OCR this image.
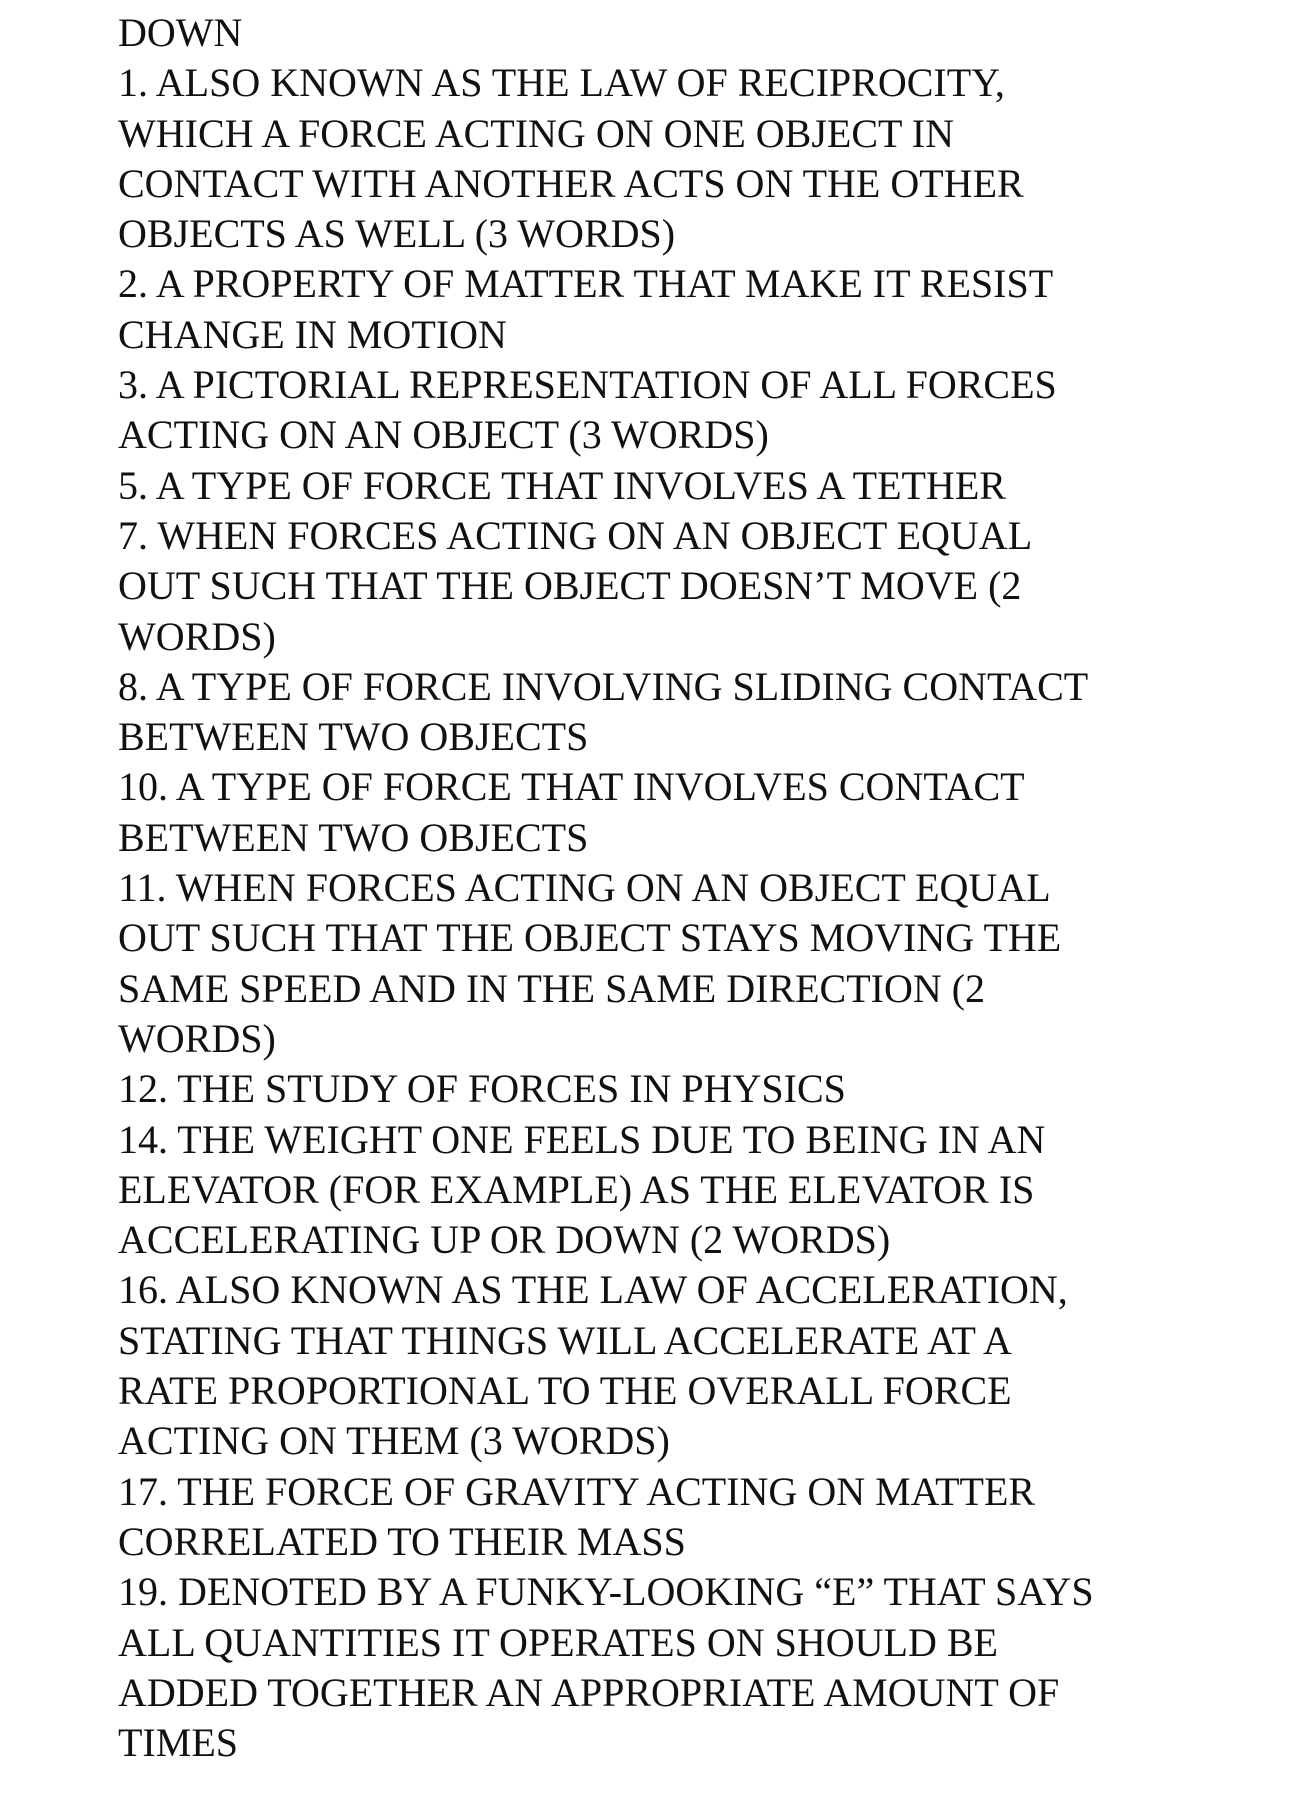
DOWN

1. ALSO KNOWN AS THE LAW OF RECIPROCITY,
WHICH A FORCE ACTING ON ONE OBJECT IN
CONTACT WITH ANOTHER ACTS ON THE OTHER
OBJECTS AS WELL (3 WORDS)

2. A PROPERTY OF MATTER THAT MAKE IT RESIST
CHANGE IN MOTION

3. A PICTORIAL REPRESENTATION OF ALL FORCES
ACTING ON AN OBJECT (3 WORDS)

5. A TYPE OF FORCE THAT INVOLVES A TETHER

7. WHEN FORCES ACTING ON AN OBJECT EQUAL
OUT SUCH THAT THE OBJECT DOESN’T MOVE (2
WORDS)

8. A TYPE OF FORCE INVOLVING SLIDING CONTACT
BETWEEN TWO OBJECTS

10. A TYPE OF FORCE THAT INVOLVES CONTACT
BETWEEN TWO OBJECTS

11. WHEN FORCES ACTING ON AN OBJECT EQUAL
OUT SUCH THAT THE OBJECT STAYS MOVING THE
SAME SPEED AND IN THE SAME DIRECTION (2
WORDS)

12. THE STUDY OF FORCES IN PHYSICS

14. THE WEIGHT ONE FEELS DUE TO BEING IN AN
ELEVATOR (FOR EXAMPLE) AS THE ELEVATOR IS
ACCELERATING UP OR DOWN (2 WORDS)

16. ALSO KNOWN AS THE LAW OF ACCELERATION,
STATING THAT THINGS WILL ACCELERATE AT A
RATE PROPORTIONAL TO THE OVERALL FORCE
ACTING ON THEM (3 WORDS)

17. THE FORCE OF GRAVITY ACTING ON MATTER
CORRELATED TO THEIR MASS

19. DENOTED BY A FUNKY-LOOKING “E” THAT SAYS
ALL QUANTITIES IT OPERATES ON SHOULD BE
ADDED TOGETHER AN APPROPRIATE AMOUNT OF
TIMES
